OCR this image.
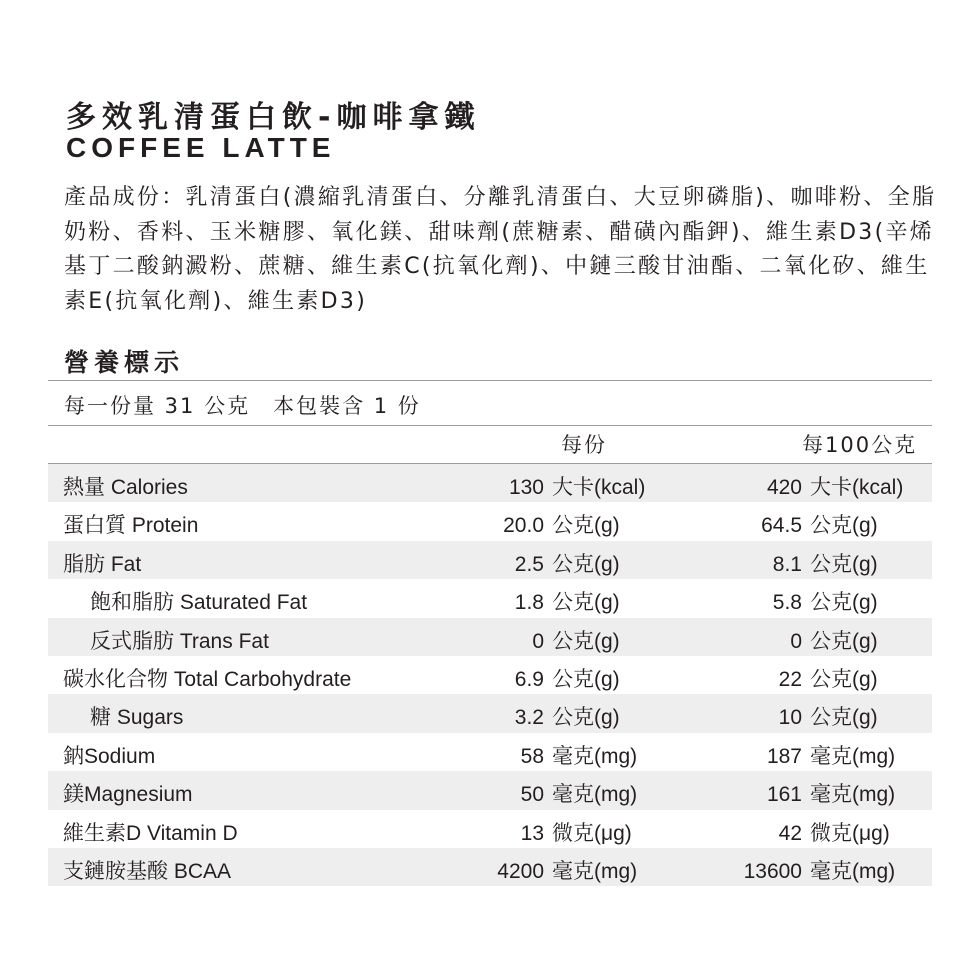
多效乳清蛋白飲-咖啡拿鐵
COFFEE LATTE
產品成份：乳清蛋白(濃縮乳清蛋白、分離乳清蛋白、大豆卵磷脂)、咖啡粉、全脂奶粉、香料、玉米糖膠、氧化鎂、甜味劑(蔗糖素、醋磺內酯鉀)、維生素D3(辛烯基丁二酸鈉澱粉、蔗糖、維生素C(抗氧化劑)、中鏈三酸甘油酯、二氧化矽、維生素E(抗氧化劑)、維生素D3)
營養標示
每一份量 31 公克　本包裝含 1 份
每份	每100公克
熱量 Calories	130 大卡(kcal)	420 大卡(kcal)
蛋白質 Protein	20.0 公克(g)	64.5 公克(g)
脂肪 Fat	2.5 公克(g)	8.1 公克(g)
飽和脂肪 Saturated Fat	1.8 公克(g)	5.8 公克(g)
反式脂肪 Trans Fat	0 公克(g)	0 公克(g)
碳水化合物 Total Carbohydrate	6.9 公克(g)	22 公克(g)
糖 Sugars	3.2 公克(g)	10 公克(g)
鈉Sodium	58 毫克(mg)	187 毫克(mg)
鎂Magnesium	50 毫克(mg)	161 毫克(mg)
維生素D Vitamin D	13 微克(μg)	42 微克(μg)
支鏈胺基酸 BCAA	4200 毫克(mg)	13600 毫克(mg)
